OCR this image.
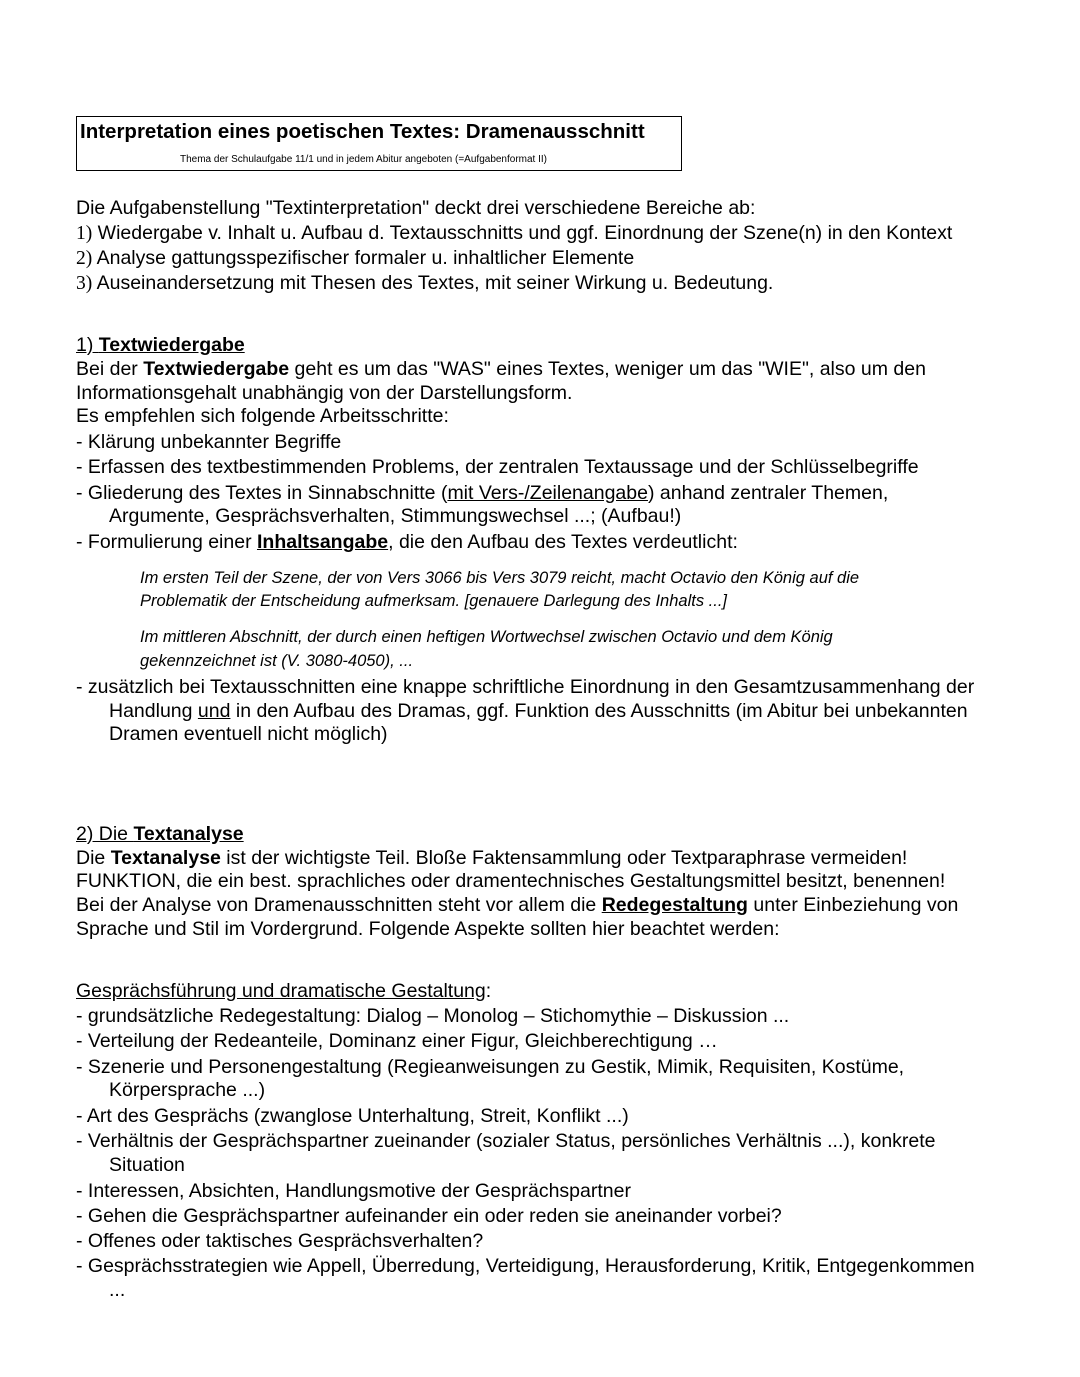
Interpretation eines poetischen Textes: Dramenausschnitt
Thema der Schulaufgabe 11/1 und in jedem Abitur angeboten (=Aufgabenformat II)
Die Aufgabenstellung "Textinterpretation" deckt drei verschiedene Bereiche ab:
1) Wiedergabe v. Inhalt u. Aufbau d. Textausschnitts und ggf. Einordnung der Szene(n) in den Kontext
2) Analyse gattungsspezifischer formaler u. inhaltlicher Elemente
3) Auseinandersetzung mit Thesen des Textes, mit seiner Wirkung u. Bedeutung.
1) Textwiedergabe
Bei der Textwiedergabe geht es um das "WAS" eines Textes, weniger um das "WIE", also um den
Informationsgehalt unabhängig von der Darstellungsform.
Es empfehlen sich folgende Arbeitsschritte:
- Klärung unbekannter Begriffe
- Erfassen des textbestimmenden Problems, der zentralen Textaussage und der Schlüsselbegriffe
- Gliederung des Textes in Sinnabschnitte (mit Vers-/Zeilenangabe) anhand zentraler Themen,
Argumente, Gesprächsverhalten, Stimmungswechsel ...; (Aufbau!)
- Formulierung einer Inhaltsangabe, die den Aufbau des Textes verdeutlicht:
Im ersten Teil der Szene, der von Vers 3066 bis Vers 3079 reicht, macht Octavio den König auf die
Problematik der Entscheidung aufmerksam. [genauere Darlegung des Inhalts ...]
Im mittleren Abschnitt, der durch einen heftigen Wortwechsel zwischen Octavio und dem König
gekennzeichnet ist (V. 3080-4050), ...
- zusätzlich bei Textausschnitten eine knappe schriftliche Einordnung in den Gesamtzusammenhang der
Handlung und in den Aufbau des Dramas, ggf. Funktion des Ausschnitts (im Abitur bei unbekannten
Dramen eventuell nicht möglich)
2) Die Textanalyse
Die Textanalyse ist der wichtigste Teil. Bloße Faktensammlung oder Textparaphrase vermeiden!
FUNKTION, die ein best. sprachliches oder dramentechnisches Gestaltungsmittel besitzt, benennen!
Bei der Analyse von Dramenausschnitten steht vor allem die Redegestaltung unter Einbeziehung von
Sprache und Stil im Vordergrund. Folgende Aspekte sollten hier beachtet werden:
Gesprächsführung und dramatische Gestaltung:
- grundsätzliche Redegestaltung: Dialog – Monolog – Stichomythie – Diskussion ...
- Verteilung der Redeanteile, Dominanz einer Figur, Gleichberechtigung …
- Szenerie und Personengestaltung (Regieanweisungen zu Gestik, Mimik, Requisiten, Kostüme,
Körpersprache ...)
- Art des Gesprächs (zwanglose Unterhaltung, Streit, Konflikt ...)
- Verhältnis der Gesprächspartner zueinander (sozialer Status, persönliches Verhältnis ...), konkrete
Situation
- Interessen, Absichten, Handlungsmotive der Gesprächspartner
- Gehen die Gesprächspartner aufeinander ein oder reden sie aneinander vorbei?
- Offenes oder taktisches Gesprächsverhalten?
- Gesprächsstrategien wie Appell, Überredung, Verteidigung, Herausforderung, Kritik, Entgegenkommen
...
